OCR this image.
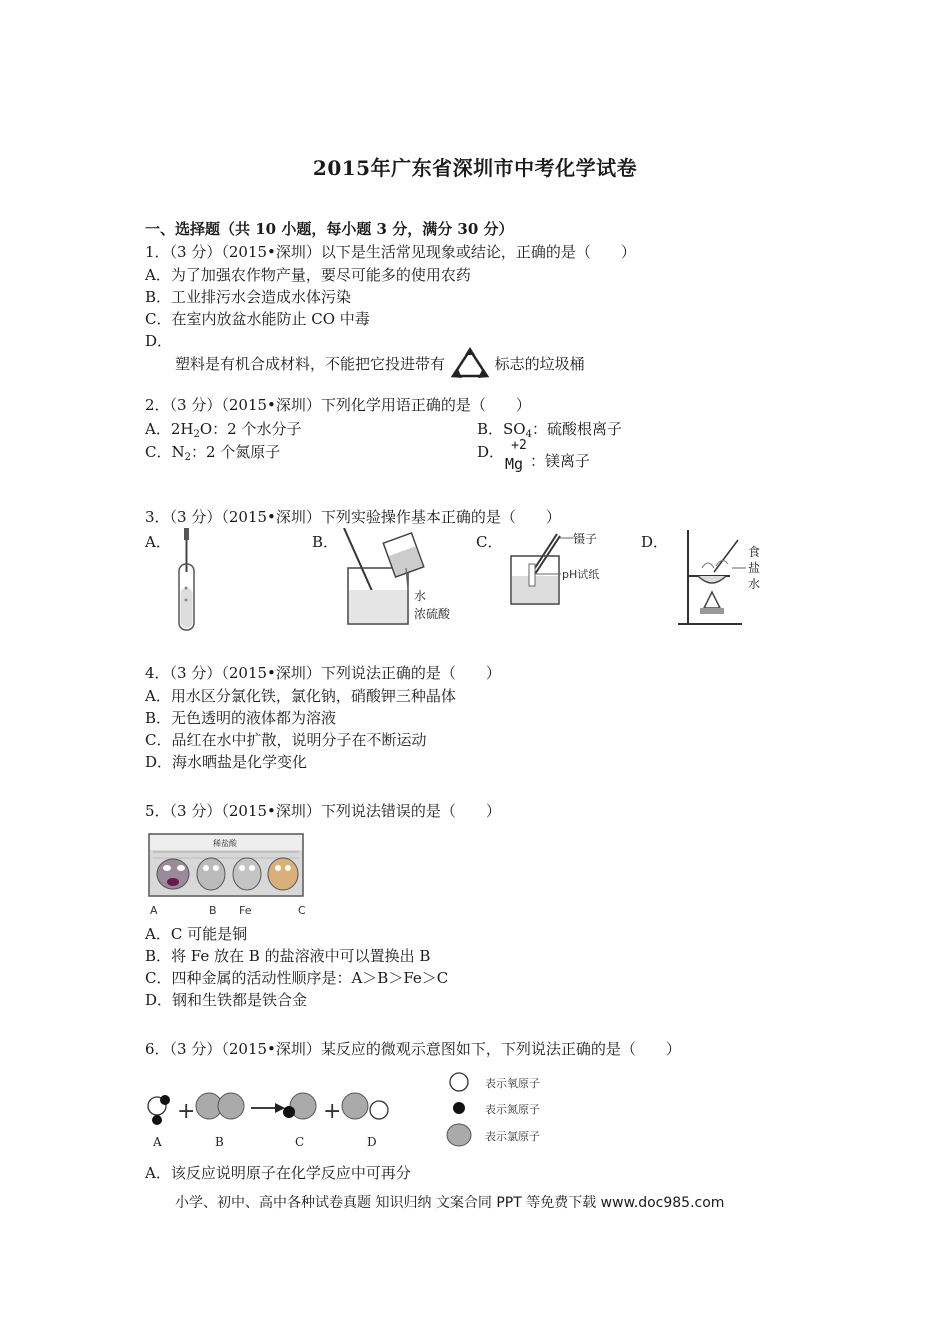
2015年广东省深圳市中考化学试卷
一、选择题（共 10 小题，每小题 3 分，满分 30 分）
1．（3 分）（2015•深圳）以下是生活常见现象或结论，正确的是（　　）
A．为了加强农作物产量，要尽可能多的使用农药
B．工业排污水会造成水体污染
C．在室内放盆水能防止 CO 中毒
D．
塑料是有机合成材料，不能把它投进带有	标志的垃圾桶
2．（3 分）（2015•深圳）下列化学用语正确的是（　　）
A．$2H_2O$：2 个水分子	B．$SO_4$：硫酸根离子
C．$N_2$：2 个氮原子	D． +2
Mg ：镁离子
3．（3 分）（2015•深圳）下列实验操作基本正确的是（　　）
A．	B．	C．	D．
水
浓硫酸
镊子
pH试纸
食
盐
水
4．（3 分）（2015•深圳）下列说法正确的是（　　）
A．用水区分氯化铁，氯化钠，硝酸钾三种晶体
B．无色透明的液体都为溶液
C．品红在水中扩散，说明分子在不断运动
D．海水晒盐是化学变化
5．（3 分）（2015•深圳）下列说法错误的是（　　）
稀盐酸
A	B Fe	C
A．C 可能是铜
B．将 Fe 放在 B 的盐溶液中可以置换出 B
C．四种金属的活动性顺序是：A＞B＞Fe＞C
D．钢和生铁都是铁合金
6．（3 分）（2015•深圳）某反应的微观示意图如下，下列说法正确的是（　　）
+	+
A	B	C	D
表示氧原子
表示氮原子
表示氯原子
A．该反应说明原子在化学反应中可再分
小学、初中、高中各种试卷真题 知识归纳 文案合同 PPT 等免费下载 www.doc985.com
